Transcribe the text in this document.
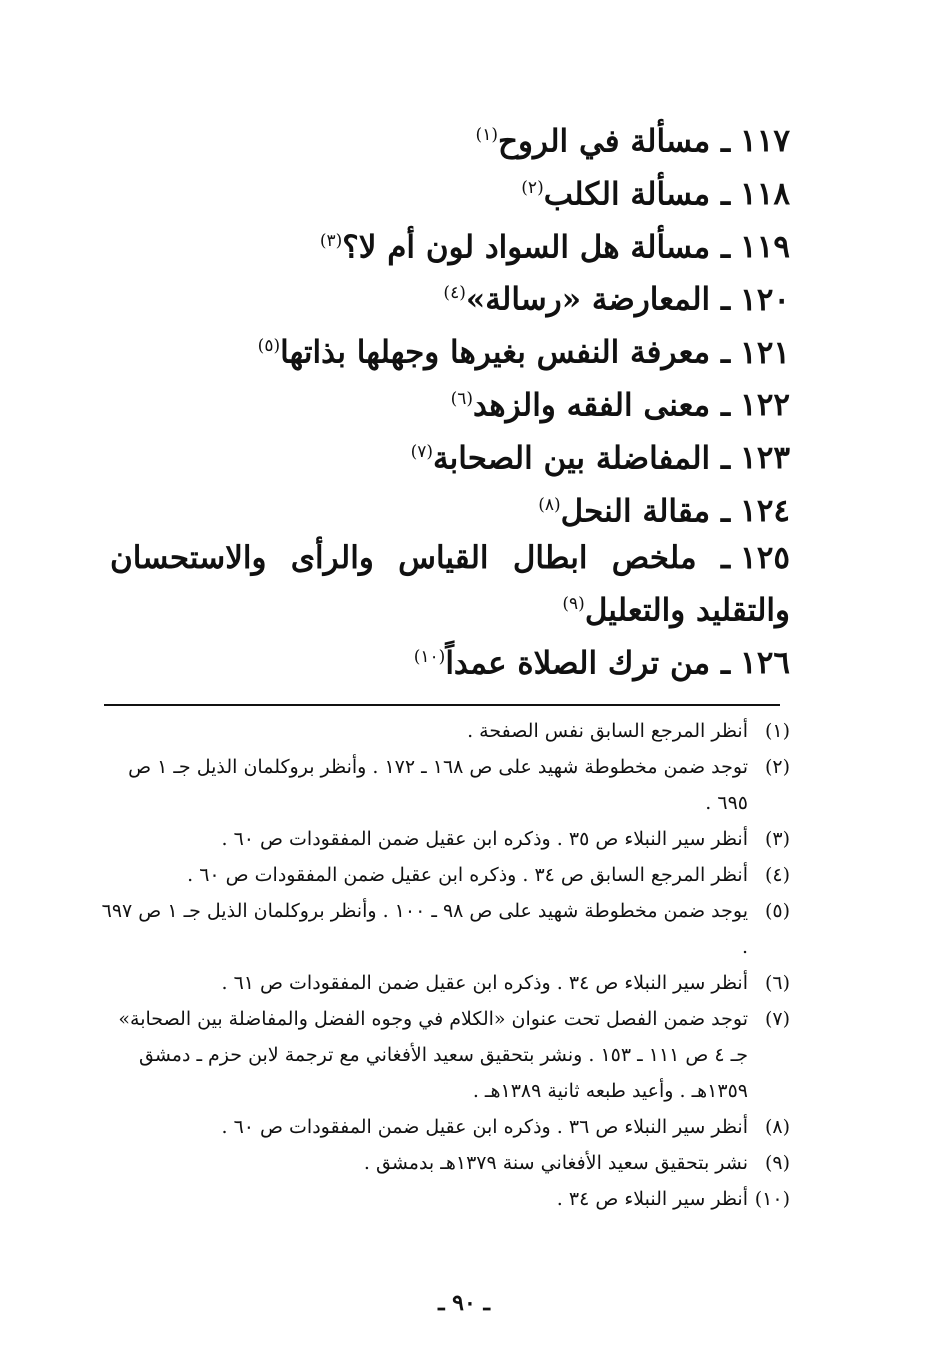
١١٧ـ مسألة في الروح$^{(١)}$
١١٨ـ مسألة الكلب$^{(٢)}$
١١٩ـ مسألة هل السواد لون أم لا؟$^{(٣)}$
١٢٠ـ المعارضة «رسالة»$^{(٤)}$
١٢١ـ معرفة النفس بغيرها وجهلها بذاتها$^{(٥)}$
١٢٢ـ معنى الفقه والزهد$^{(٦)}$
١٢٣ـ المفاضلة بين الصحابة$^{(٧)}$
١٢٤ـ مقالة النحل$^{(٨)}$
١٢٥ـ ملخص ابطال القياس والرأى والاستحسان والتقليد والتعليل$^{(٩)}$
١٢٦ـ من ترك الصلاة عمداً$^{(١٠)}$
(١)
أنظر المرجع السابق نفس الصفحة .
(٢)
توجد ضمن مخطوطة شهيد على ص ١٦٨ ـ ١٧٢ . وأنظر بروكلمان الذيل جـ ١ ص ٦٩٥ .
(٣)
أنظر سير النبلاء ص ٣٥ . وذكره ابن عقيل ضمن المفقودات ص ٦٠ .
(٤)
أنظر المرجع السابق ص ٣٤ . وذكره ابن عقيل ضمن المفقودات ص ٦٠ .
(٥)
يوجد ضمن مخطوطة شهيد على ص ٩٨ ـ ١٠٠ . وأنظر بروكلمان الذيل جـ ١ ص ٦٩٧ .
(٦)
أنظر سير النبلاء ص ٣٤ . وذكره ابن عقيل ضمن المفقودات ص ٦١ .
(٧)
توجد ضمن الفصل تحت عنوان «الكلام في وجوه الفضل والمفاضلة بين الصحابة» جـ ٤ ص ١١١ ـ ١٥٣ . ونشر بتحقيق سعيد الأفغاني مع ترجمة لابن حزم ـ دمشق ١٣٥٩هـ . وأعيد طبعه ثانية ١٣٨٩هـ .
(٨)
أنظر سير النبلاء ص ٣٦ . وذكره ابن عقيل ضمن المفقودات ص ٦٠ .
(٩)
نشر بتحقيق سعيد الأفغاني سنة ١٣٧٩هـ بدمشق .
(١٠)
أنظر سير النبلاء ص ٣٤ .
ـ ٩٠ ـ
